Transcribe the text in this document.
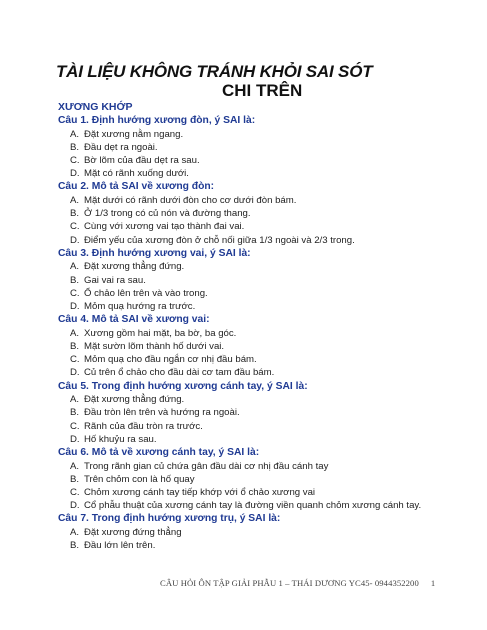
TÀI LIỆU KHÔNG TRÁNH KHỎI SAI SÓT
CHI TRÊN
XƯƠNG KHỚP
Câu 1. Định hướng xương đòn, ý SAI là:
A. Đặt xương nằm ngang.
B. Đầu dẹt ra ngoài.
C. Bờ lõm của đầu dẹt ra sau.
D. Mặt có rãnh xuống dưới.
Câu 2. Mô tả SAI về xương đòn:
A. Mặt dưới có rãnh dưới đòn cho cơ dưới đòn bám.
B. Ở 1/3 trong có củ nón và đường thang.
C. Cùng với xương vai tạo thành đai vai.
D. Điểm yếu của xương đòn ở chỗ nối giữa 1/3 ngoài và 2/3 trong.
Câu 3. Định hướng xương vai, ý SAI là:
A. Đặt xương thẳng đứng.
B. Gai vai ra sau.
C. Ổ chảo lên trên và vào trong.
D. Mỏm quạ hướng ra trước.
Câu 4. Mô tả SAI về xương vai:
A. Xương gồm hai mặt, ba bờ, ba góc.
B. Mặt sườn lõm thành hố dưới vai.
C. Mỏm quạ cho đầu ngắn cơ nhị đầu bám.
D. Củ trên ổ chảo cho đầu dài cơ tam đầu bám.
Câu 5. Trong định hướng xương cánh tay, ý SAI là:
A. Đặt xương thẳng đứng.
B. Đầu tròn lên trên và hướng ra ngoài.
C. Rãnh của đầu tròn ra trước.
D. Hố khuỷu ra sau.
Câu 6. Mô tả về xương cánh tay, ý SAI là:
A. Trong rãnh gian củ chứa gân đầu dài cơ nhị đầu cánh tay
B. Trên chỏm con là hố quay
C. Chỏm xương cánh tay tiếp khớp với ổ chảo xương vai
D. Cổ phẫu thuật của xương cánh tay là đường viền quanh chỏm xương cánh tay.
Câu 7. Trong định hướng xương trụ, ý SAI là:
A. Đặt xương đứng thẳng
B. Đầu lớn lên trên.
CÂU HỎI ÔN TẬP GIẢI PHẪU 1 – THÁI DƯƠNG YC45- 0944352200 1
